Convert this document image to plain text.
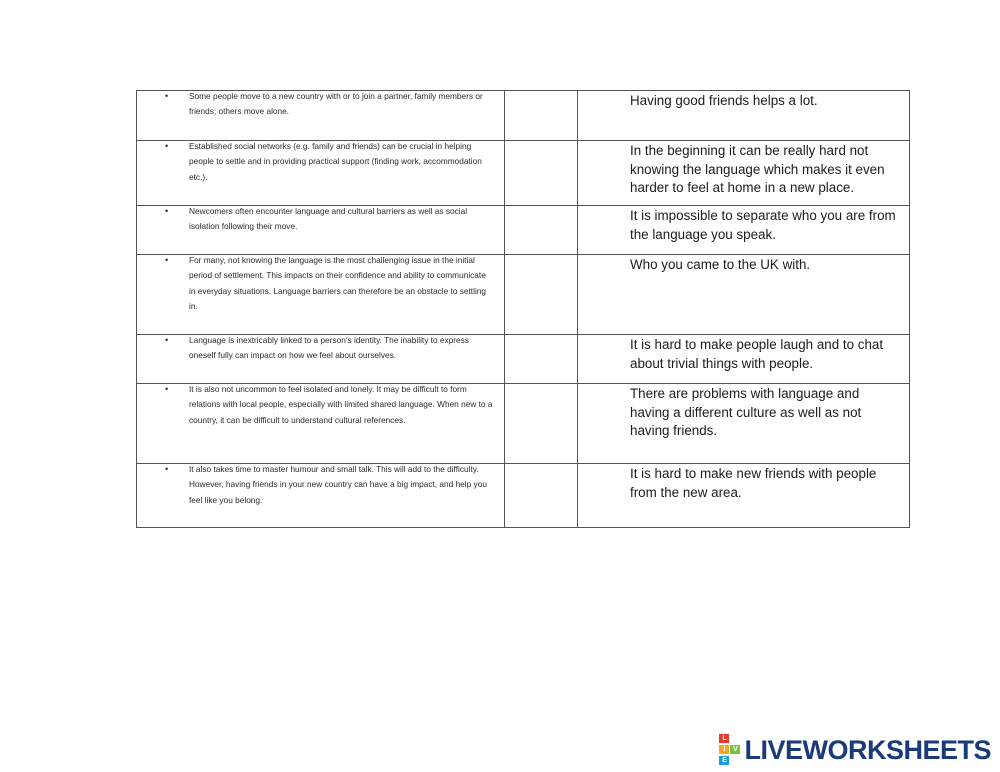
• Some people move to a new country with or to join a partner, family members or friends; others move alone.		Having good friends helps a lot.

• Established social networks (e.g. family and friends) can be crucial in helping people to settle and in providing practical support (finding work, accommodation etc.).		In the beginning it can be really hard not knowing the language which makes it even harder to feel at home in a new place.

• Newcomers often encounter language and cultural barriers as well as social isolation following their move.		It is impossible to separate who you are from the language you speak.

• For many, not knowing the language is the most challenging issue in the initial period of settlement. This impacts on their confidence and ability to communicate in everyday situations. Language barriers can therefore be an obstacle to settling in.		Who you came to the UK with.

• Language is inextricably linked to a person’s identity. The inability to express oneself fully can impact on how we feel about ourselves.		It is hard to make people laugh and to chat about trivial things with people.

• It is also not uncommon to feel isolated and lonely. It may be difficult to form relations with local people, especially with limited shared language. When new to a country, it can be difficult to understand cultural references.		There are problems with language and having a different culture as well as not having friends.

• It also takes time to master humour and small talk. This will add to the difficulty. However, having friends in your new country can have a big impact, and help you feel like you belong.		It is hard to make new friends with people from the new area.
L
I	V
E LIVEWORKSHEETS
